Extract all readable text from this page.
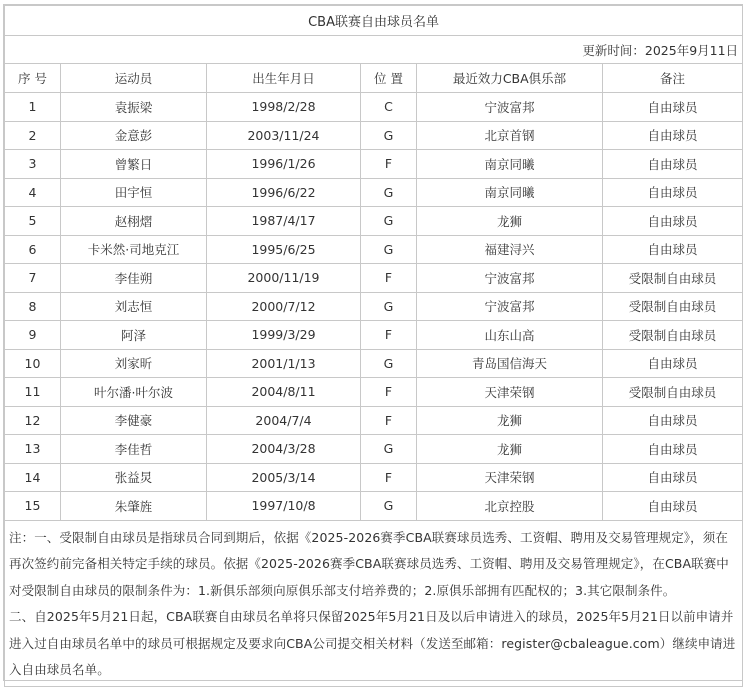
CBA联赛自由球员名单					
更新时间：2025年9月11日					
序 号	运动员	出生年月日	位 置	最近效力CBA俱乐部	备注
1	袁振梁	1998/2/28	C	宁波富邦	自由球员
2	金意彭	2003/11/24	G	北京首钢	自由球员
3	曾繁日	1996/1/26	F	南京同曦	自由球员
4	田宇恒	1996/6/22	G	南京同曦	自由球员
5	赵栩熠	1987/4/17	G	龙狮	自由球员
6	卡米然·司地克江	1995/6/25	G	福建浔兴	自由球员
7	李佳朔	2000/11/19	F	宁波富邦	受限制自由球员
8	刘志恒	2000/7/12	G	宁波富邦	受限制自由球员
9	阿泽	1999/3/29	F	山东山高	受限制自由球员
10	刘家昕	2001/1/13	G	青岛国信海天	自由球员
11	叶尔潘·叶尔波	2004/8/11	F	天津荣钢	受限制自由球员
12	李健豪	2004/7/4	F	龙狮	自由球员
13	李佳哲	2004/3/28	G	龙狮	自由球员
14	张益炅	2005/3/14	F	天津荣钢	自由球员
15	朱肇旌	1997/10/8	G	北京控股	自由球员

注：一、受限制自由球员是指球员合同到期后，依据《2025-2026赛季CBA联赛球员选秀、工资帽、聘用及交易管理规定》，须在再次签约前完备相关特定手续的球员。依据《2025-2026赛季CBA联赛球员选秀、工资帽、聘用及交易管理规定》，在CBA联赛中对受限制自由球员的限制条件为：1.新俱乐部须向原俱乐部支付培养费的；2.原俱乐部拥有匹配权的；3.其它限制条件。

二、自2025年5月21日起，CBA联赛自由球员名单将只保留2025年5月21日及以后申请进入的球员，2025年5月21日以前申请并进入过自由球员名单中的球员可根据规定及要求向CBA公司提交相关材料（发送至邮箱：register@cbaleague.com）继续申请进入自由球员名单。					
